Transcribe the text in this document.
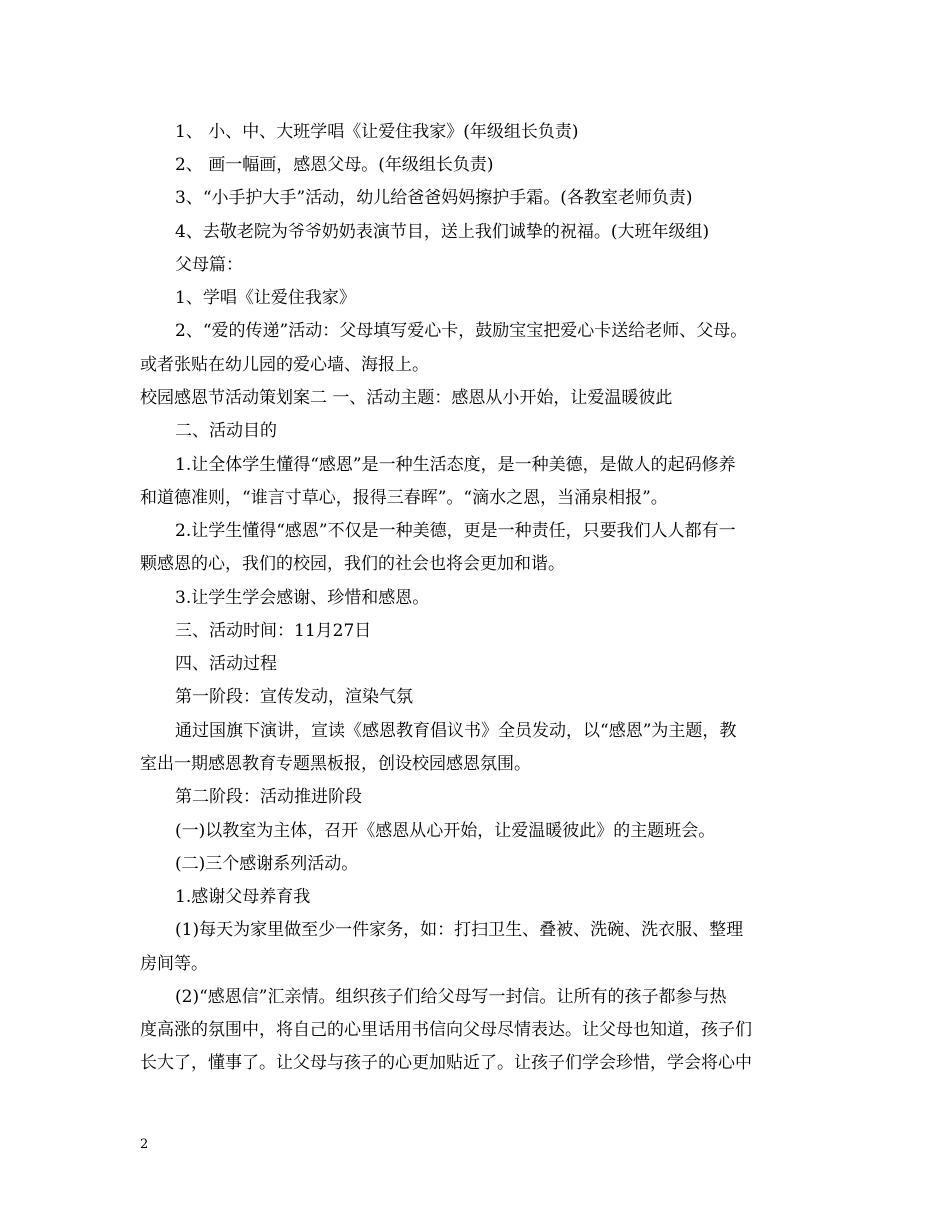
1、 小、中、大班学唱《让爱住我家》(年级组长负责)
2、 画一幅画，感恩父母。(年级组长负责)
3、“小手护大手”活动，幼儿给爸爸妈妈擦护手霜。(各教室老师负责)
4、去敬老院为爷爷奶奶表演节目，送上我们诚挚的祝福。(大班年级组)
父母篇：
1、学唱《让爱住我家》
2、“爱的传递”活动：父母填写爱心卡，鼓励宝宝把爱心卡送给老师、父母。
或者张贴在幼儿园的爱心墙、海报上。
校园感恩节活动策划案二 一、活动主题：感恩从小开始，让爱温暖彼此
二、活动目的
1.让全体学生懂得“感恩”是一种生活态度，是一种美德，是做人的起码修养
和道德准则，“谁言寸草心，报得三春晖”。“滴水之恩，当涌泉相报”。
2.让学生懂得“感恩”不仅是一种美德，更是一种责任，只要我们人人都有一
颗感恩的心，我们的校园，我们的社会也将会更加和谐。
3.让学生学会感谢、珍惜和感恩。
三、活动时间：11月27日
四、活动过程
第一阶段：宣传发动，渲染气氛
通过国旗下演讲，宣读《感恩教育倡议书》全员发动，以“感恩”为主题，教
室出一期感恩教育专题黑板报，创设校园感恩氛围。
第二阶段：活动推进阶段
(一)以教室为主体，召开《感恩从心开始，让爱温暖彼此》的主题班会。
(二)三个感谢系列活动。
1.感谢父母养育我
(1)每天为家里做至少一件家务，如：打扫卫生、叠被、洗碗、洗衣服、整理
房间等。
(2)“感恩信”汇亲情。组织孩子们给父母写一封信。让所有的孩子都参与热
度高涨的氛围中，将自己的心里话用书信向父母尽情表达。让父母也知道，孩子们
长大了，懂事了。让父母与孩子的心更加贴近了。让孩子们学会珍惜，学会将心中
2
